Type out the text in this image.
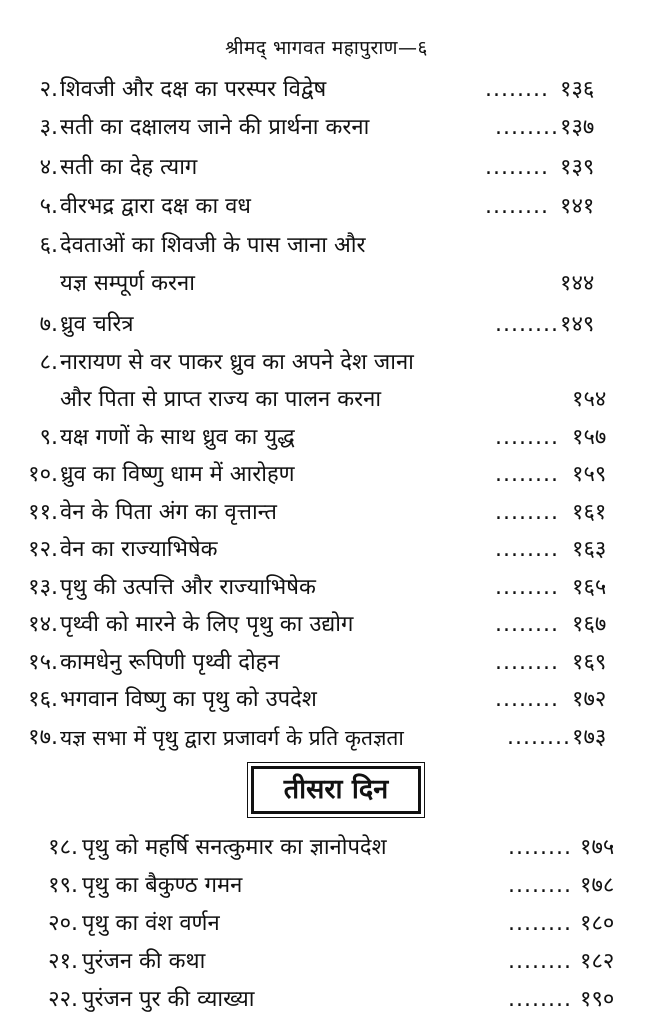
श्रीमद् भागवत महापुराण—६
२. शिवजी और दक्ष का परस्पर विद्वेष	........ १३६
३. सती का दक्षालय जाने की प्रार्थना करना	........ १३७
४. सती का देह त्याग	........ १३९
५. वीरभद्र द्वारा दक्ष का वध	........ १४१
६. देवताओं का शिवजी के पास जाना और
यज्ञ सम्पूर्ण करना	१४४
७. ध्रुव चरित्र	........ १४९
८. नारायण से वर पाकर ध्रुव का अपने देश जाना
और पिता से प्राप्त राज्य का पालन करना	१५४
९. यक्ष गणों के साथ ध्रुव का युद्ध	........ १५७
१०. ध्रुव का विष्णु धाम में आरोहण	........ १५९
११. वेन के पिता अंग का वृत्तान्त	........ १६१
१२. वेन का राज्याभिषेक	........ १६३
१३. पृथु की उत्पत्ति और राज्याभिषेक	........ १६५
१४. पृथ्वी को मारने के लिए पृथु का उद्योग	........ १६७
१५. कामधेनु रूपिणी पृथ्वी दोहन	........ १६९
१६. भगवान विष्णु का पृथु को उपदेश	........ १७२
१७. यज्ञ सभा में पृथु द्वारा प्रजावर्ग के प्रति कृतज्ञता	........ १७३
तीसरा दिन
१८. पृथु को महर्षि सनत्कुमार का ज्ञानोपदेश	........ १७५
१९. पृथु का बैकुण्ठ गमन	........ १७८
२०. पृथु का वंश वर्णन	........ १८०
२१. पुरंजन की कथा	........ १८२
२२. पुरंजन पुर की व्याख्या	........ १९०
